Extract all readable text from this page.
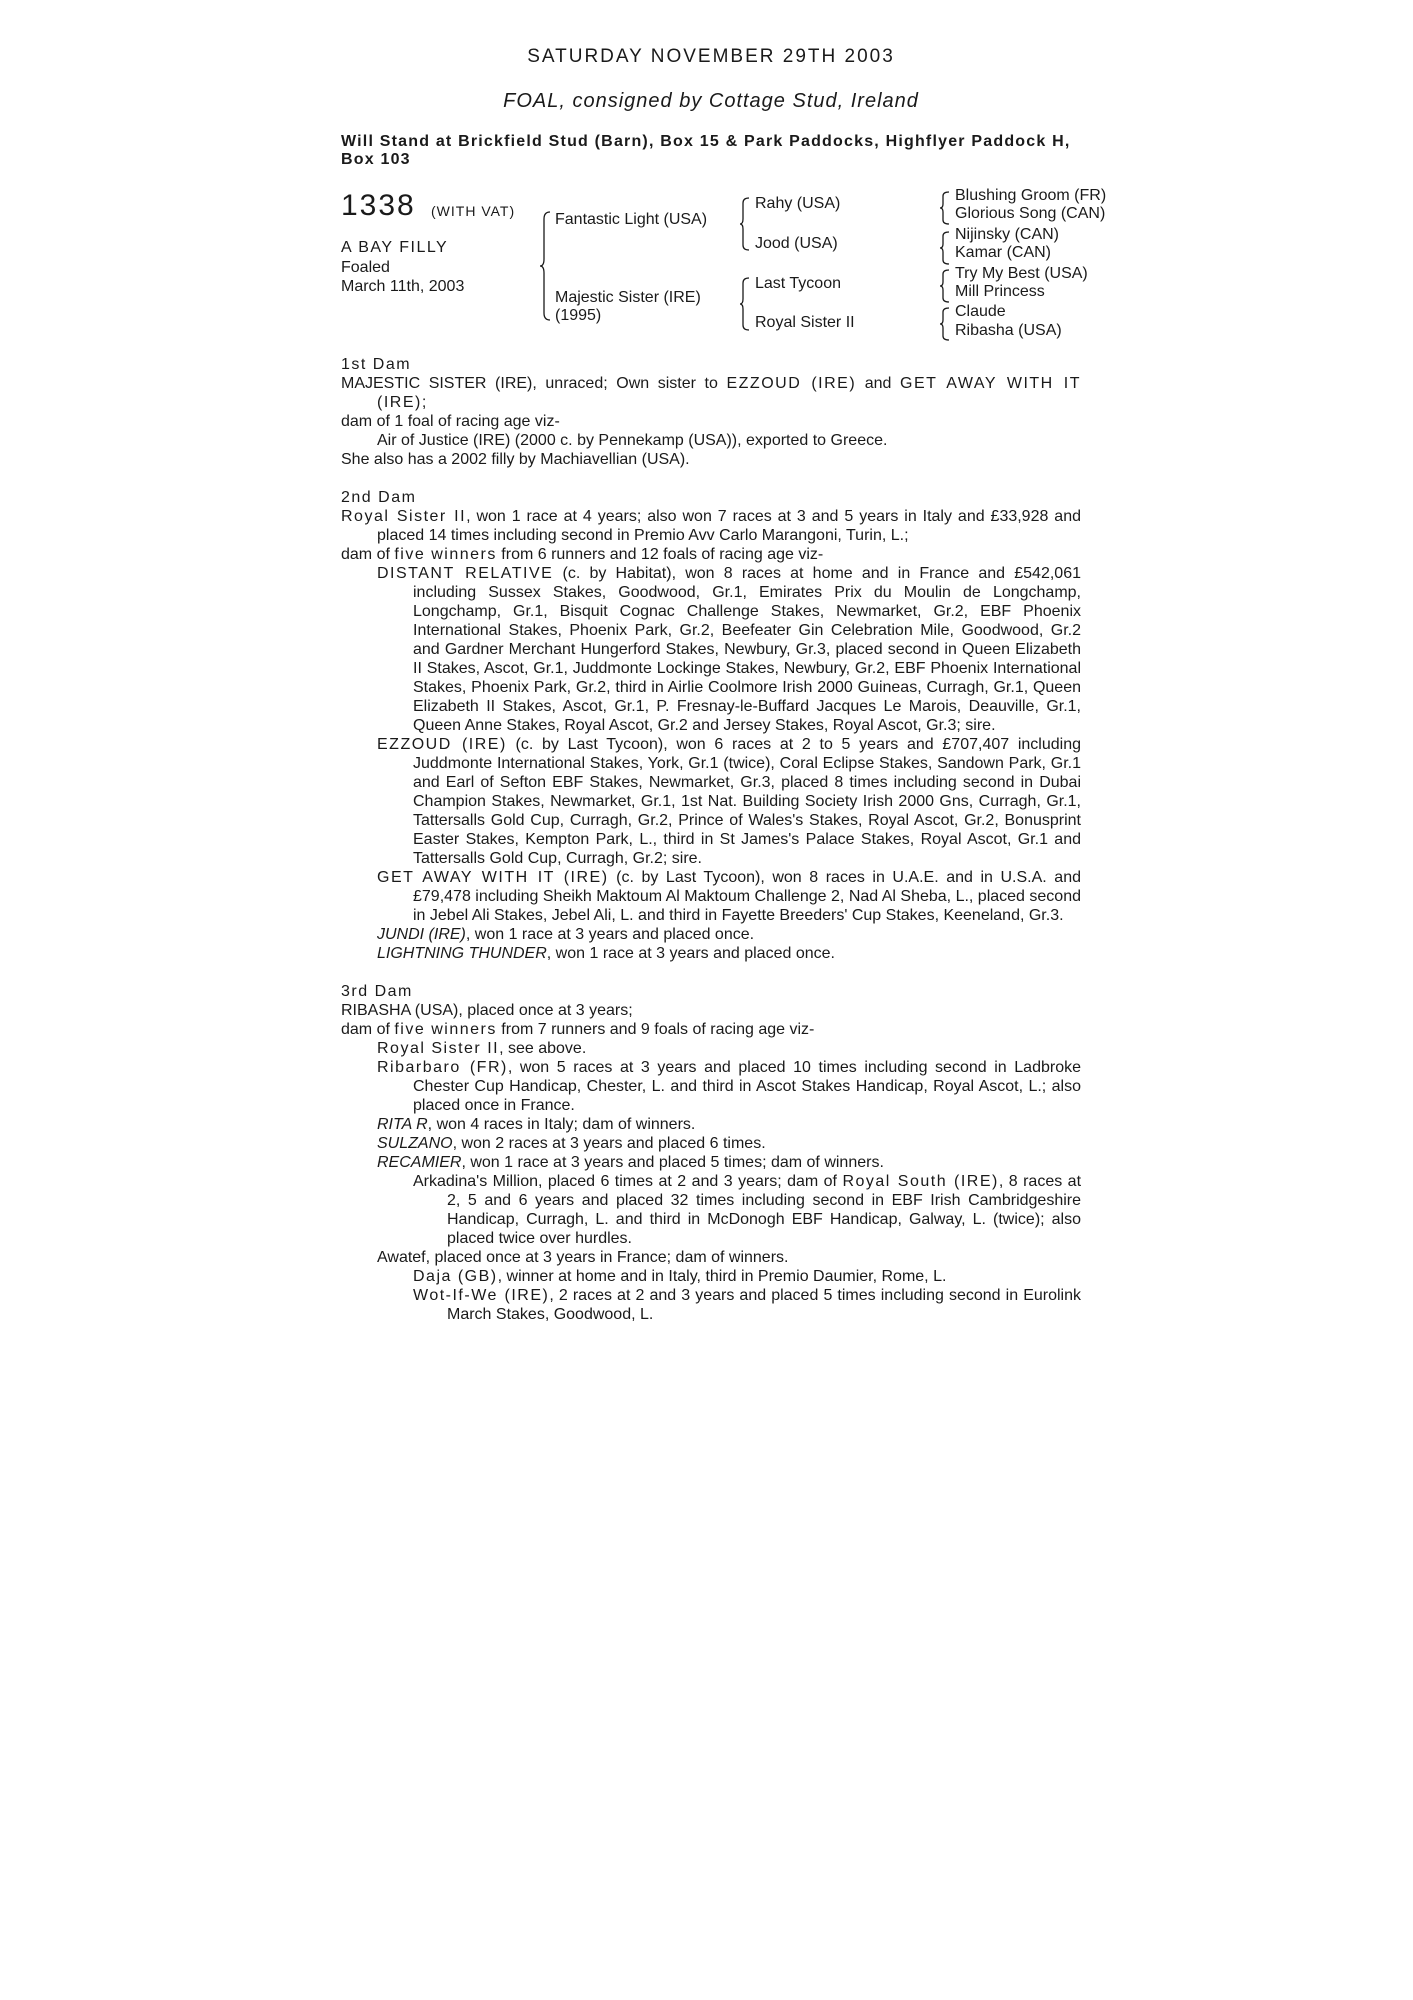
SATURDAY NOVEMBER 29TH 2003
FOAL, consigned by Cottage Stud, Ireland
Will Stand at Brickfield Stud (Barn), Box 15 & Park Paddocks, Highflyer Paddock H, Box 103
1338 (WITH VAT)
A BAY FILLY
Foaled
March 11th, 2003
Fantastic Light (USA)
Majestic Sister (IRE)
(1995)
Rahy (USA)
Jood (USA)
Last Tycoon
Royal Sister II
Blushing Groom (FR)
Glorious Song (CAN)
Nijinsky (CAN)
Kamar (CAN)
Try My Best (USA)
Mill Princess
Claude
Ribasha (USA)
1st Dam
MAJESTIC SISTER (IRE), unraced; Own sister to EZZOUD (IRE) and GET AWAY WITH IT (IRE);
dam of 1 foal of racing age viz-
Air of Justice (IRE) (2000 c. by Pennekamp (USA)), exported to Greece.
She also has a 2002 filly by Machiavellian (USA).
2nd Dam
Royal Sister II, won 1 race at 4 years; also won 7 races at 3 and 5 years in Italy and £33,928 and placed 14 times including second in Premio Avv Carlo Marangoni, Turin, L.;
dam of five winners from 6 runners and 12 foals of racing age viz-
DISTANT RELATIVE (c. by Habitat), won 8 races at home and in France and £542,061 including Sussex Stakes, Goodwood, Gr.1, Emirates Prix du Moulin de Longchamp, Longchamp, Gr.1, Bisquit Cognac Challenge Stakes, Newmarket, Gr.2, EBF Phoenix International Stakes, Phoenix Park, Gr.2, Beefeater Gin Celebration Mile, Goodwood, Gr.2 and Gardner Merchant Hungerford Stakes, Newbury, Gr.3, placed second in Queen Elizabeth II Stakes, Ascot, Gr.1, Juddmonte Lockinge Stakes, Newbury, Gr.2, EBF Phoenix International Stakes, Phoenix Park, Gr.2, third in Airlie Coolmore Irish 2000 Guineas, Curragh, Gr.1, Queen Elizabeth II Stakes, Ascot, Gr.1, P. Fresnay-le-Buffard Jacques Le Marois, Deauville, Gr.1, Queen Anne Stakes, Royal Ascot, Gr.2 and Jersey Stakes, Royal Ascot, Gr.3; sire.
EZZOUD (IRE) (c. by Last Tycoon), won 6 races at 2 to 5 years and £707,407 including Juddmonte International Stakes, York, Gr.1 (twice), Coral Eclipse Stakes, Sandown Park, Gr.1 and Earl of Sefton EBF Stakes, Newmarket, Gr.3, placed 8 times including second in Dubai Champion Stakes, Newmarket, Gr.1, 1st Nat. Building Society Irish 2000 Gns, Curragh, Gr.1, Tattersalls Gold Cup, Curragh, Gr.2, Prince of Wales's Stakes, Royal Ascot, Gr.2, Bonusprint Easter Stakes, Kempton Park, L., third in St James's Palace Stakes, Royal Ascot, Gr.1 and Tattersalls Gold Cup, Curragh, Gr.2; sire.
GET AWAY WITH IT (IRE) (c. by Last Tycoon), won 8 races in U.A.E. and in U.S.A. and £79,478 including Sheikh Maktoum Al Maktoum Challenge 2, Nad Al Sheba, L., placed second in Jebel Ali Stakes, Jebel Ali, L. and third in Fayette Breeders' Cup Stakes, Keeneland, Gr.3.
JUNDI (IRE), won 1 race at 3 years and placed once.
LIGHTNING THUNDER, won 1 race at 3 years and placed once.
3rd Dam
RIBASHA (USA), placed once at 3 years;
dam of five winners from 7 runners and 9 foals of racing age viz-
Royal Sister II, see above.
Ribarbaro (FR), won 5 races at 3 years and placed 10 times including second in Ladbroke Chester Cup Handicap, Chester, L. and third in Ascot Stakes Handicap, Royal Ascot, L.; also placed once in France.
RITA R, won 4 races in Italy; dam of winners.
SULZANO, won 2 races at 3 years and placed 6 times.
RECAMIER, won 1 race at 3 years and placed 5 times; dam of winners.
Arkadina's Million, placed 6 times at 2 and 3 years; dam of Royal South (IRE), 8 races at 2, 5 and 6 years and placed 32 times including second in EBF Irish Cambridgeshire Handicap, Curragh, L. and third in McDonogh EBF Handicap, Galway, L. (twice); also placed twice over hurdles.
Awatef, placed once at 3 years in France; dam of winners.
Daja (GB), winner at home and in Italy, third in Premio Daumier, Rome, L.
Wot-If-We (IRE), 2 races at 2 and 3 years and placed 5 times including second in Eurolink March Stakes, Goodwood, L.
